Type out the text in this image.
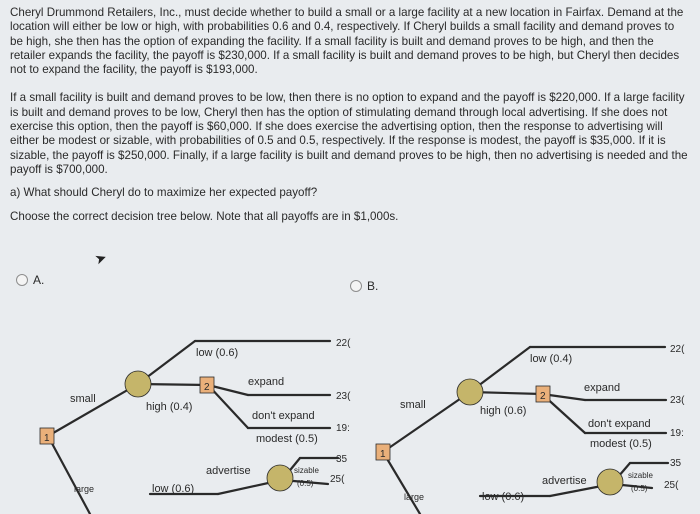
Cheryl Drummond Retailers, Inc., must decide whether to build a small or a large facility at a new location in Fairfax. Demand at the location will either be low or high, with probabilities 0.6 and 0.4, respectively. If Cheryl builds a small facility and demand proves to be high, she then has the option of expanding the facility. If a small facility is built and demand proves to be high, and then the retailer expands the facility, the payoff is $230,000. If a small facility is built and demand proves to be high, but Cheryl then decides not to expand the facility, the payoff is $193,000.

If a small facility is built and demand proves to be low, then there is no option to expand and the payoff is $220,000. If a large facility is built and demand proves to be low, Cheryl then has the option of stimulating demand through local advertising. If she does not exercise this option, then the payoff is $60,000. If she does exercise the advertising option, then the response to advertising will either be modest or sizable, with probabilities of 0.5 and 0.5, respectively. If the response is modest, the payoff is $35,000. If it is sizable, the payoff is $250,000. Finally, if a large facility is built and demand proves to be high, then no advertising is needed and the payoff is $700,000.

a) What should Cheryl do to maximize her expected payoff?

Choose the correct decision tree below. Note that all payoffs are in $1,000s.

➤
A.	B.
1
2
small
large
low (0.6)
high (0.4)
expand
don't expand
22(
23(
19:
low (0.6)
advertise
modest (0.5)
35
sizable
(0.5) 25(
1
2
small
large
low (0.4)
high (0.6)
expand
don't expand
22(
23(
19:
low (0.6)
advertise
modest (0.5)
35
sizable
(0.5) 25(
